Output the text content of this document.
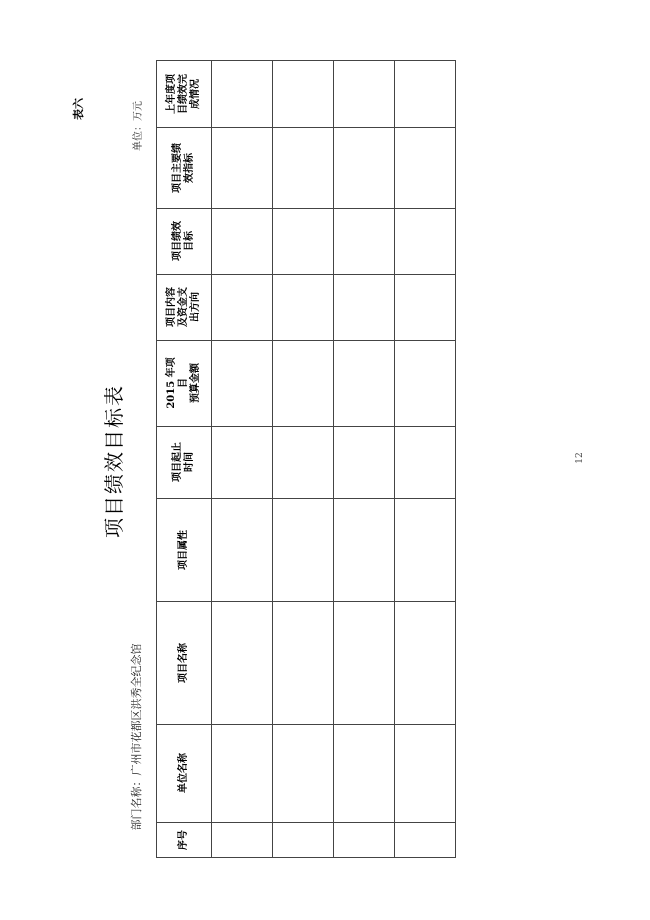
表六	单位：万元
项目绩效目标表
部门名称：广州市花都区洪秀全纪念馆
12
上年度项
目绩效完
成情况
项目主要绩
效指标
项目绩效
目标
项目内容
及资金支
出方向
2015 年项目
预算金额
项目起止
时间
项目属性
项目名称
单位名称
序号
